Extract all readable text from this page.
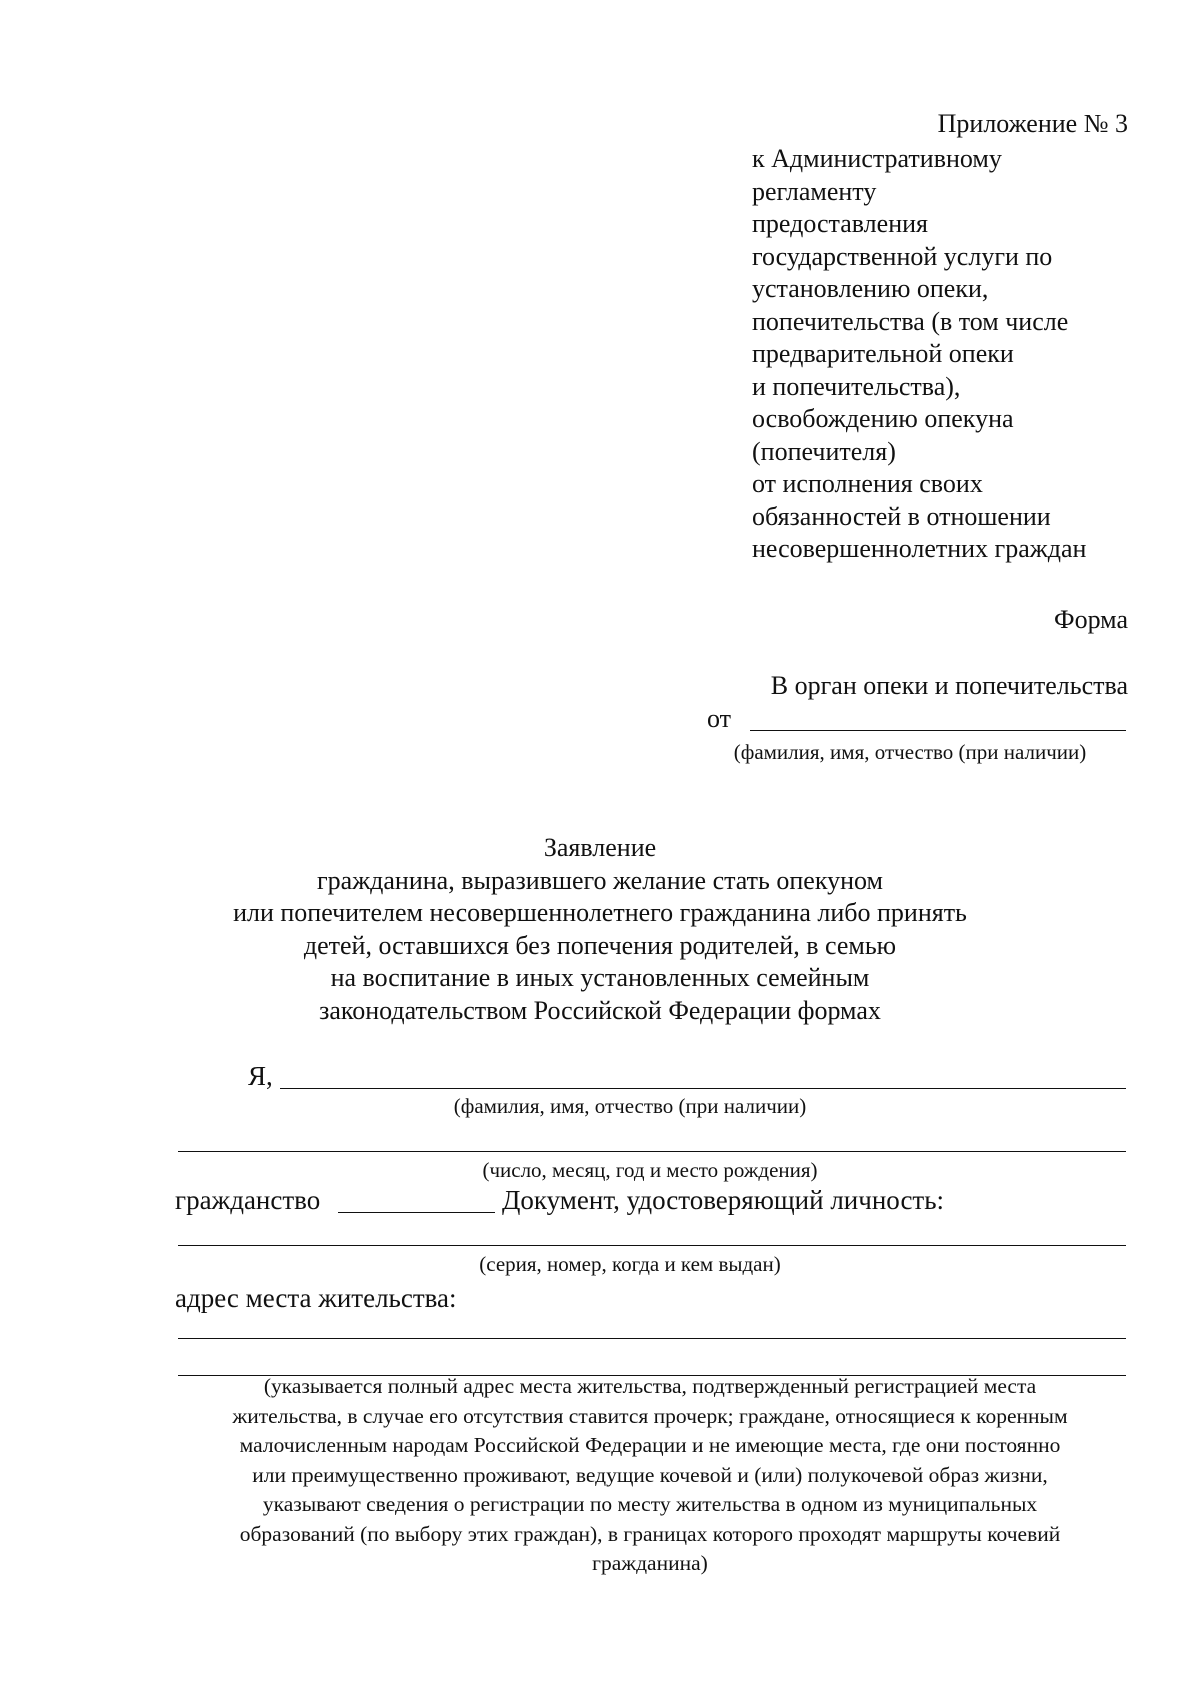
Приложение № 3
к Административному
регламенту
предоставления
государственной услуги по
установлению опеки,
попечительства (в том числе
предварительной опеки
и попечительства),
освобождению опекуна
(попечителя)
от исполнения своих
обязанностей в отношении
несовершеннолетних граждан
Форма
В орган опеки и попечительства
от
(фамилия, имя, отчество (при наличии)
Заявление
гражданина, выразившего желание стать опекуном
или попечителем несовершеннолетнего гражданина либо принять
детей, оставшихся без попечения родителей, в семью
на воспитание в иных установленных семейным
законодательством Российской Федерации формах
Я,
(фамилия, имя, отчество (при наличии)
(число, месяц, год и место рождения)
гражданство	Документ, удостоверяющий личность:
(серия, номер, когда и кем выдан)
адрес места жительства:
(указывается полный адрес места жительства, подтвержденный регистрацией места
жительства, в случае его отсутствия ставится прочерк; граждане, относящиеся к коренным
малочисленным народам Российской Федерации и не имеющие места, где они постоянно
или преимущественно проживают, ведущие кочевой и (или) полукочевой образ жизни,
указывают сведения о регистрации по месту жительства в одном из муниципальных
образований (по выбору этих граждан), в границах которого проходят маршруты кочевий
гражданина)
